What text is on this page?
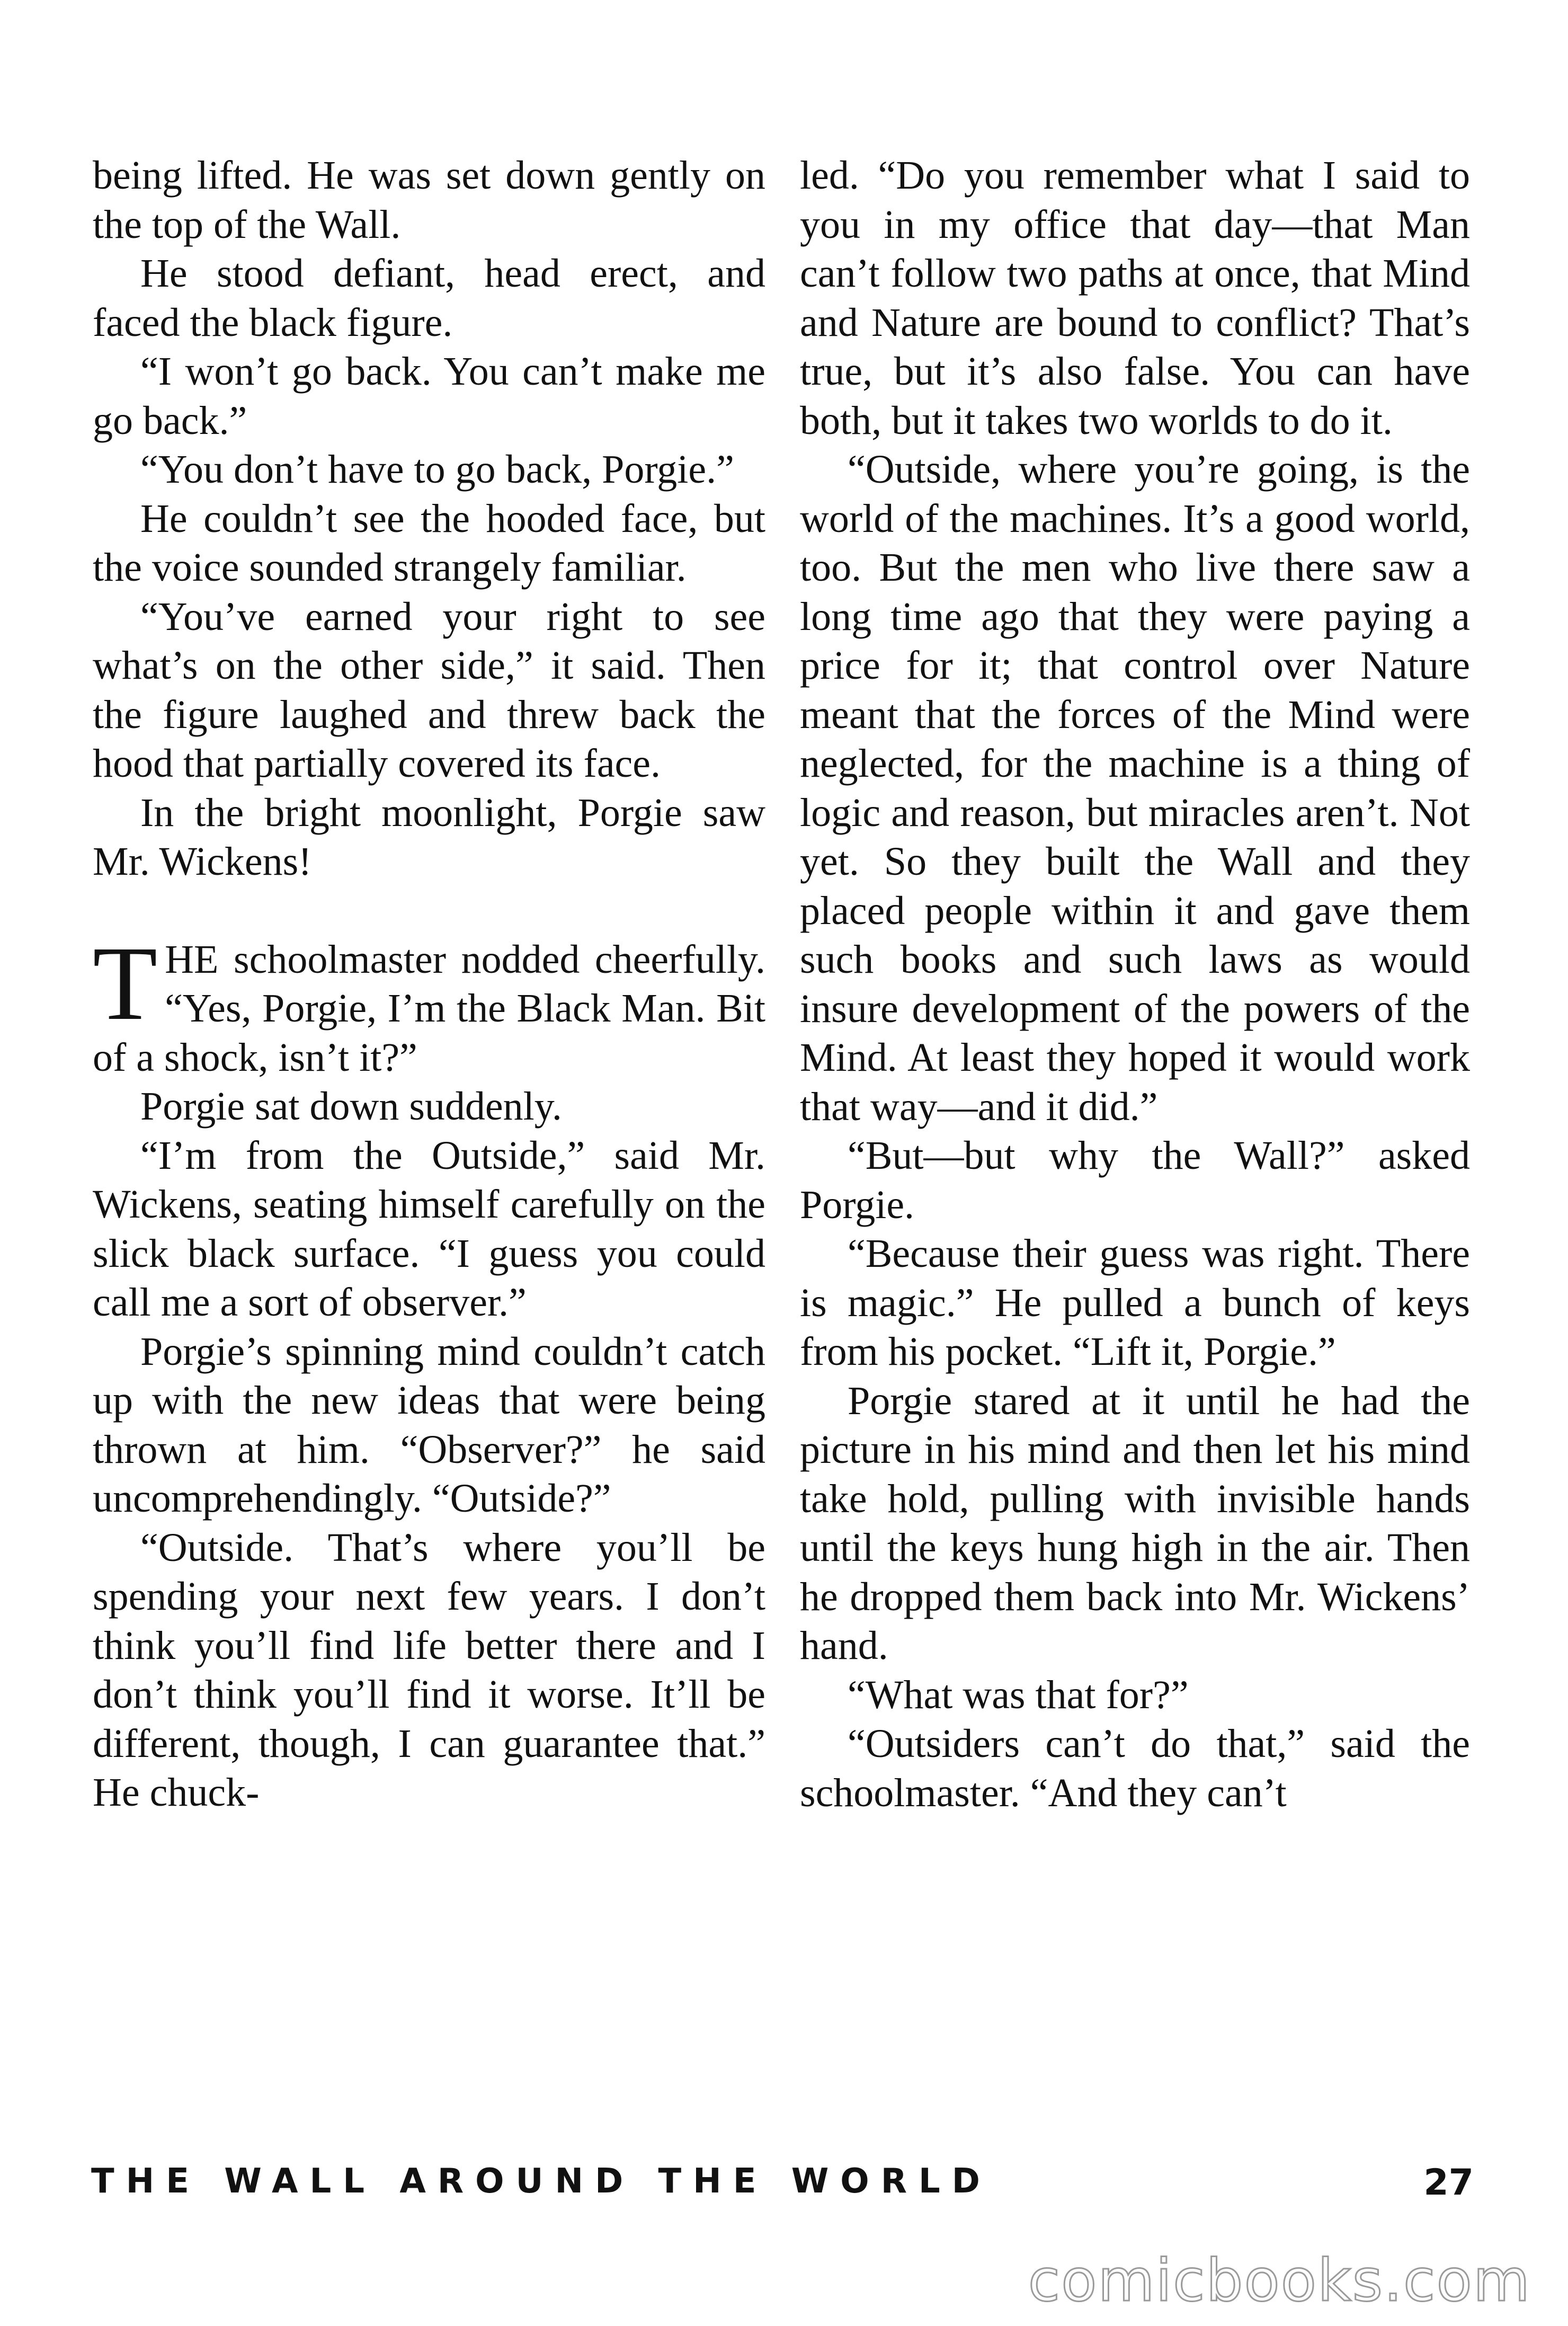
being lifted. He was set down gently on the top of the Wall.

He stood defiant, head erect, and faced the black figure.

“I won’t go back. You can’t make me go back.”

“You don’t have to go back, Porgie.”

He couldn’t see the hooded face, but the voice sounded strangely familiar.

“You’ve earned your right to see what’s on the other side,” it said. Then the figure laughed and threw back the hood that partially covered its face.

In the bright moonlight, Porgie saw Mr. Wickens!

THE schoolmaster nodded cheerfully. “Yes, Porgie, I’m the Black Man. Bit of a shock, isn’t it?”

Porgie sat down suddenly.

“I’m from the Outside,” said Mr. Wickens, seating himself carefully on the slick black surface. “I guess you could call me a sort of observer.”

Porgie’s spinning mind couldn’t catch up with the new ideas that were being thrown at him. “Observer?” he said uncomprehendingly. “Outside?”

“Outside. That’s where you’ll be spending your next few years. I don’t think you’ll find life better there and I don’t think you’ll find it worse. It’ll be different, though, I can guarantee that.” He chuck-

led. “Do you remember what I said to you in my office that day—that Man can’t follow two paths at once, that Mind and Nature are bound to conflict? That’s true, but it’s also false. You can have both, but it takes two worlds to do it.

“Outside, where you’re going, is the world of the machines. It’s a good world, too. But the men who live there saw a long time ago that they were paying a price for it; that control over Nature meant that the forces of the Mind were neglected, for the machine is a thing of logic and reason, but miracles aren’t. Not yet. So they built the Wall and they placed people within it and gave them such books and such laws as would insure development of the powers of the Mind. At least they hoped it would work that way—and it did.”

“But—but why the Wall?” asked Porgie.

“Because their guess was right. There is magic.” He pulled a bunch of keys from his pocket. “Lift it, Porgie.”

Porgie stared at it until he had the picture in his mind and then let his mind take hold, pulling with invisible hands until the keys hung high in the air. Then he dropped them back into Mr. Wickens’ hand.

“What was that for?”

“Outsiders can’t do that,” said the schoolmaster. “And they can’t

THE WALL AROUND THE WORLD	27
comicbooks.com
